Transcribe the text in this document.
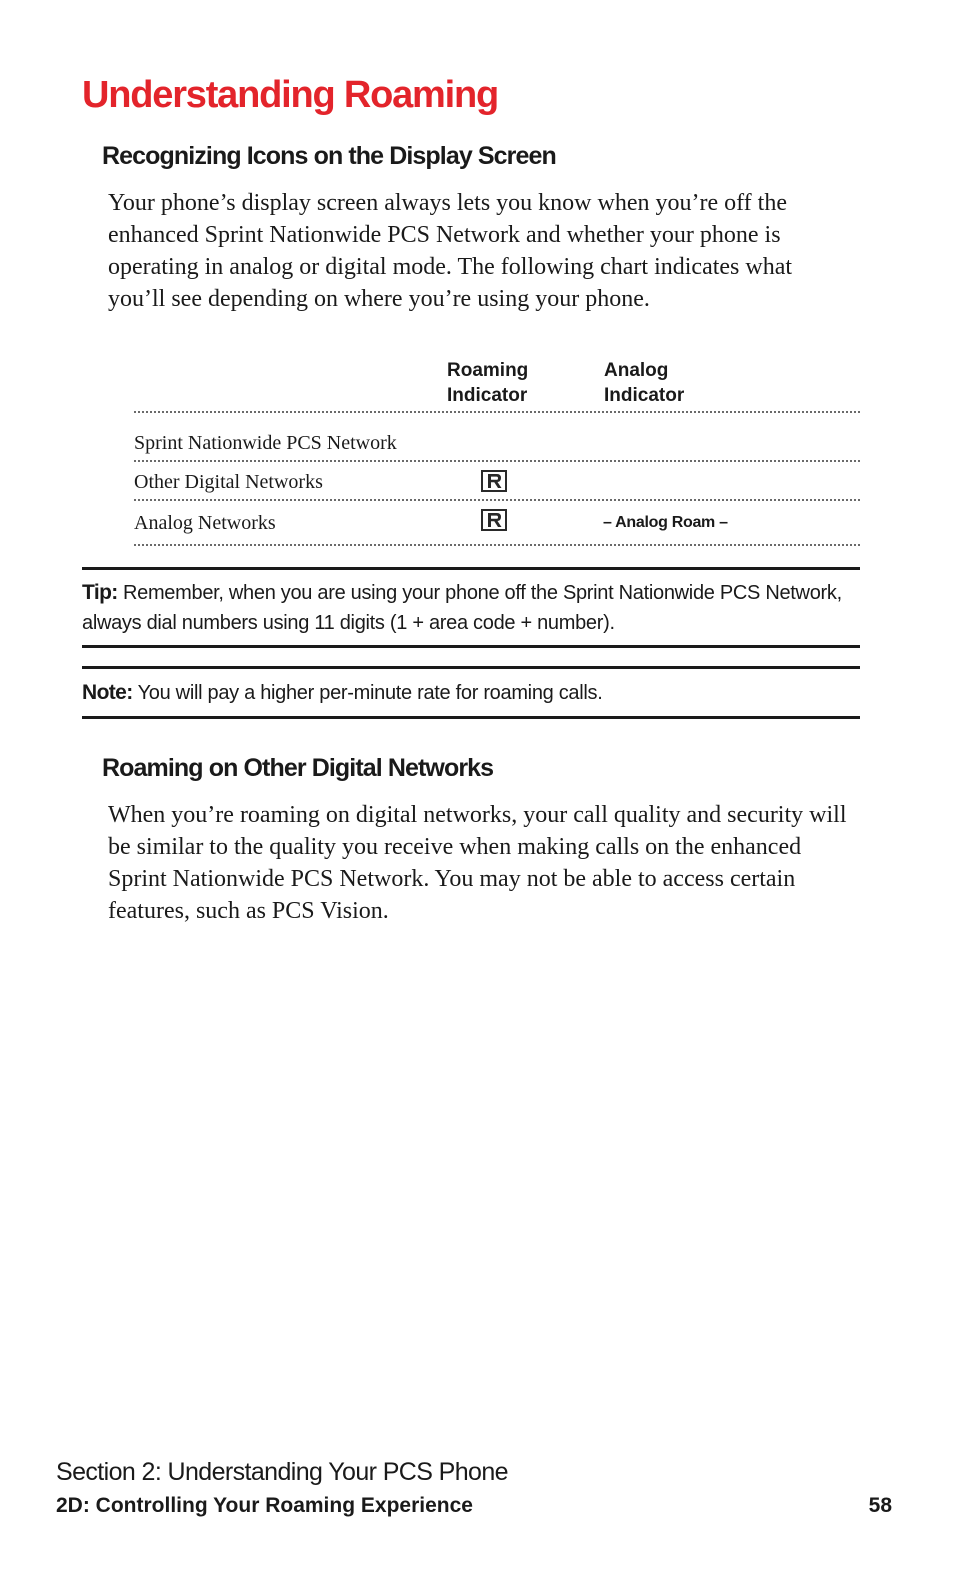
Understanding Roaming
Recognizing Icons on the Display Screen

Your phone’s display screen always lets you know when you’re off the enhanced Sprint Nationwide PCS Network and whether your phone is operating in analog or digital mode. The following chart indicates what you’ll see depending on where you’re using your phone.

Roaming
Indicator
Analog
Indicator
Sprint Nationwide PCS Network
Other Digital Networks
Analog Networks	– Analog Roam –
Tip: Remember, when you are using your phone off the Sprint Nationwide PCS Network, always dial numbers using 11 digits (1 + area code + number).
Note: You will pay a higher per-minute rate for roaming calls.
Roaming on Other Digital Networks

When you’re roaming on digital networks, your call quality and security will be similar to the quality you receive when making calls on the enhanced Sprint Nationwide PCS Network. You may not be able to access certain features, such as PCS Vision.

Section 2: Understanding Your PCS Phone
2D: Controlling Your Roaming Experience	58
